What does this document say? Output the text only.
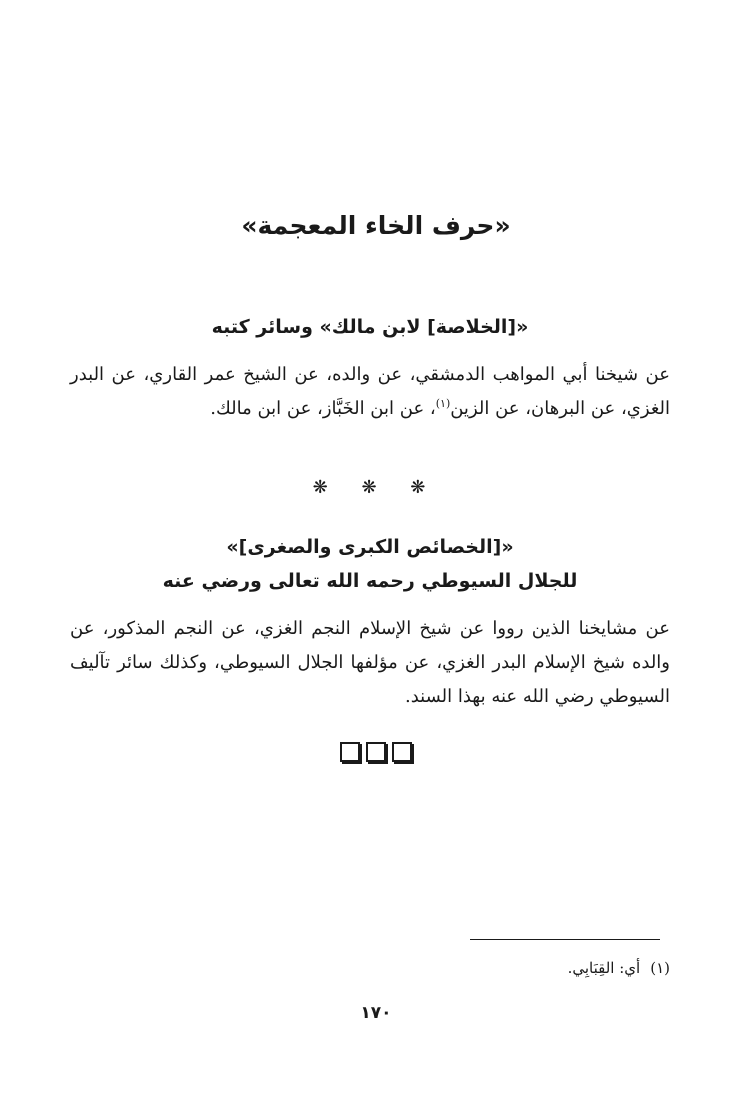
«حرف الخاء المعجمة»
«[الخلاصة] لابن مالك» وسائر كتبه

عن شيخنا أبي المواهب الدمشقي، عن والده، عن الشيخ عمر القاري، عن البدر الغزي، عن البرهان، عن الزين$^{(١)}$، عن ابن الخَبَّاز، عن ابن مالك.

❋ ❋ ❋
«[الخصائص الكبرى والصغرى]»
للجلال السيوطي رحمه الله تعالى ورضي عنه

عن مشايخنا الذين رووا عن شيخ الإسلام النجم الغزي، عن النجم المذكور، عن والده شيخ الإسلام البدر الغزي، عن مؤلفها الجلال السيوطي، وكذلك سائر تآليف السيوطي رضي الله عنه بهذا السند.

(١)أي: القِبَابِي.
١٧٠
